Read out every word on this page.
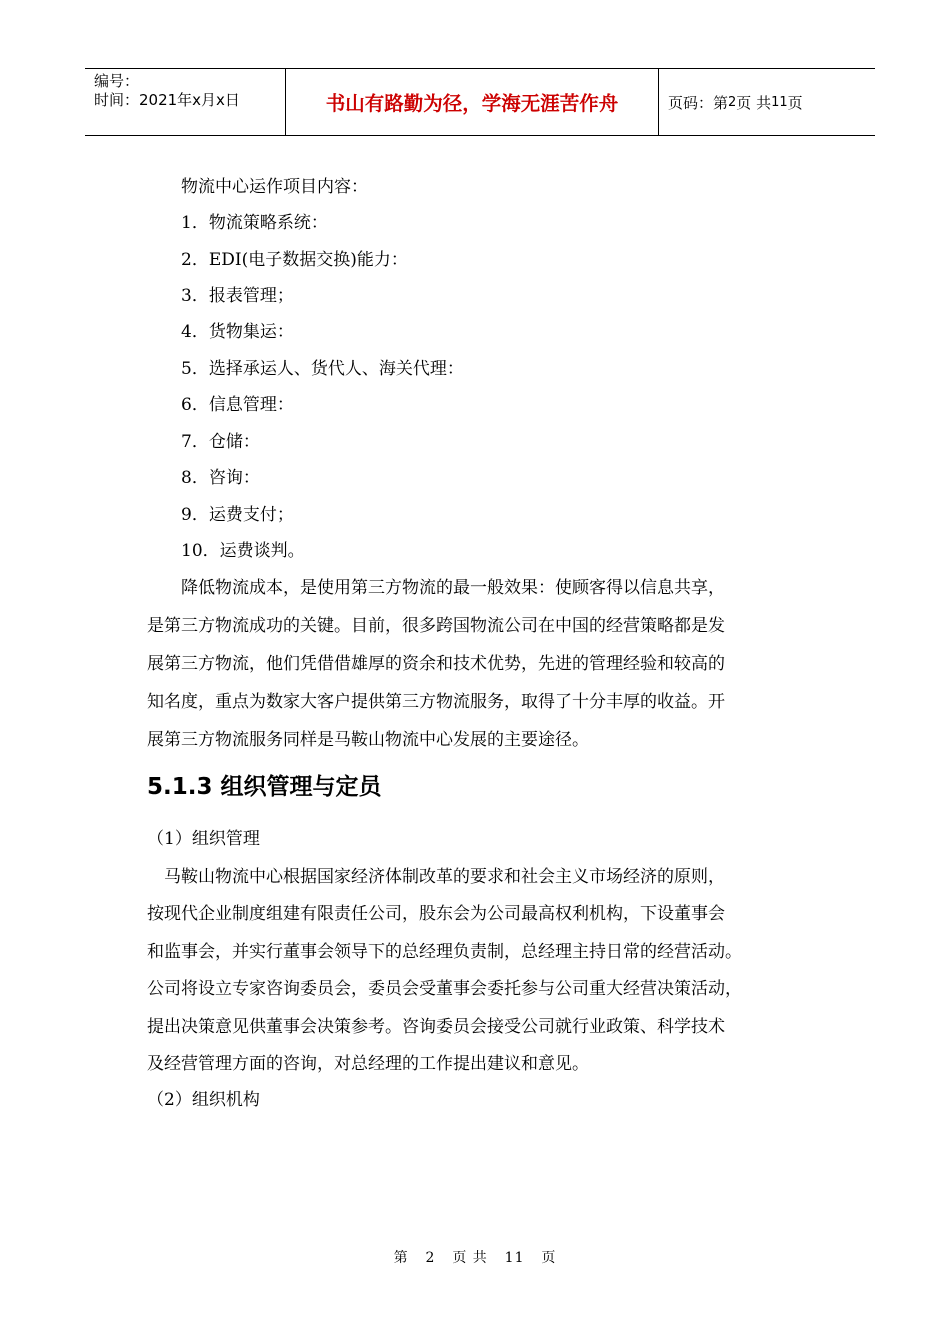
编号：
时间：2021年x月x日	书山有路勤为径，学海无涯苦作舟	页码：第 2 页 共 11 页
物流中心运作项目内容：
1．物流策略系统：
2．EDI(电子数据交换)能力：
3．报表管理；
4．货物集运：
5．选择承运人、货代人、海关代理：
6．信息管理：
7．仓储：
8．咨询：
9．运费支付；
10．运费谈判。
降低物流成本，是使用第三方物流的最一般效果：使顾客得以信息共享，
是第三方物流成功的关键。目前，很多跨国物流公司在中国的经营策略都是发
展第三方物流，他们凭借借雄厚的资余和技术优势，先进的管理经验和较高的
知名度，重点为数家大客户提供第三方物流服务，取得了十分丰厚的收益。开
展第三方物流服务同样是马鞍山物流中心发展的主要途径。
5.1.3 组织管理与定员
（1）组织管理
马鞍山物流中心根据国家经济体制改革的要求和社会主义市场经济的原则，
按现代企业制度组建有限责任公司，股东会为公司最高权利机构，下设董事会
和监事会，并实行董事会领导下的总经理负责制，总经理主持日常的经营活动。
公司将设立专家咨询委员会，委员会受董事会委托参与公司重大经营决策活动，
提出决策意见供董事会决策参考。咨询委员会接受公司就行业政策、科学技术
及经营管理方面的咨询，对总经理的工作提出建议和意见。
（2）组织机构
第 2 页 共 11 页
